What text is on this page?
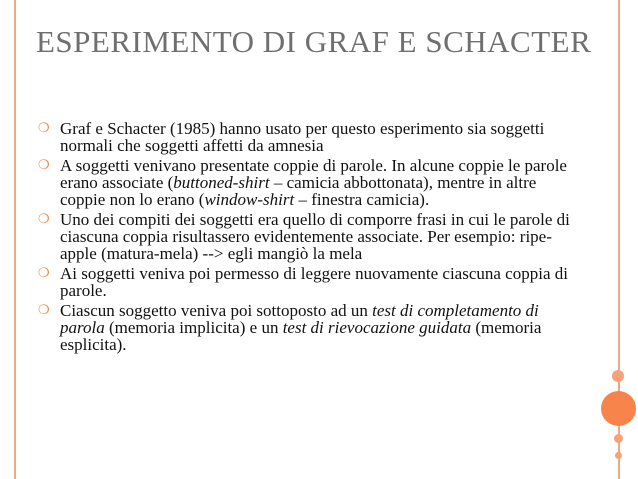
ESPERIMENTO DI GRAF E SCHACTER
❍ Graf e Schacter (1985) hanno usato per questo esperimento sia soggetti normali che soggetti affetti da amnesia
❍ A soggetti venivano presentate coppie di parole. In alcune coppie le parole erano associate (buttoned-shirt – camicia abbottonata), mentre in altre coppie non lo erano (window-shirt – finestra camicia).
❍ Uno dei compiti dei soggetti era quello di comporre frasi in cui le parole di ciascuna coppia risultassero evidentemente associate. Per esempio: ripe-apple (matura-mela) --> egli mangiò la mela
❍ Ai soggetti veniva poi permesso di leggere nuovamente ciascuna coppia di parole.
❍ Ciascun soggetto veniva poi sottoposto ad un test di completamento di parola (memoria implicita) e un test di rievocazione guidata (memoria esplicita).
